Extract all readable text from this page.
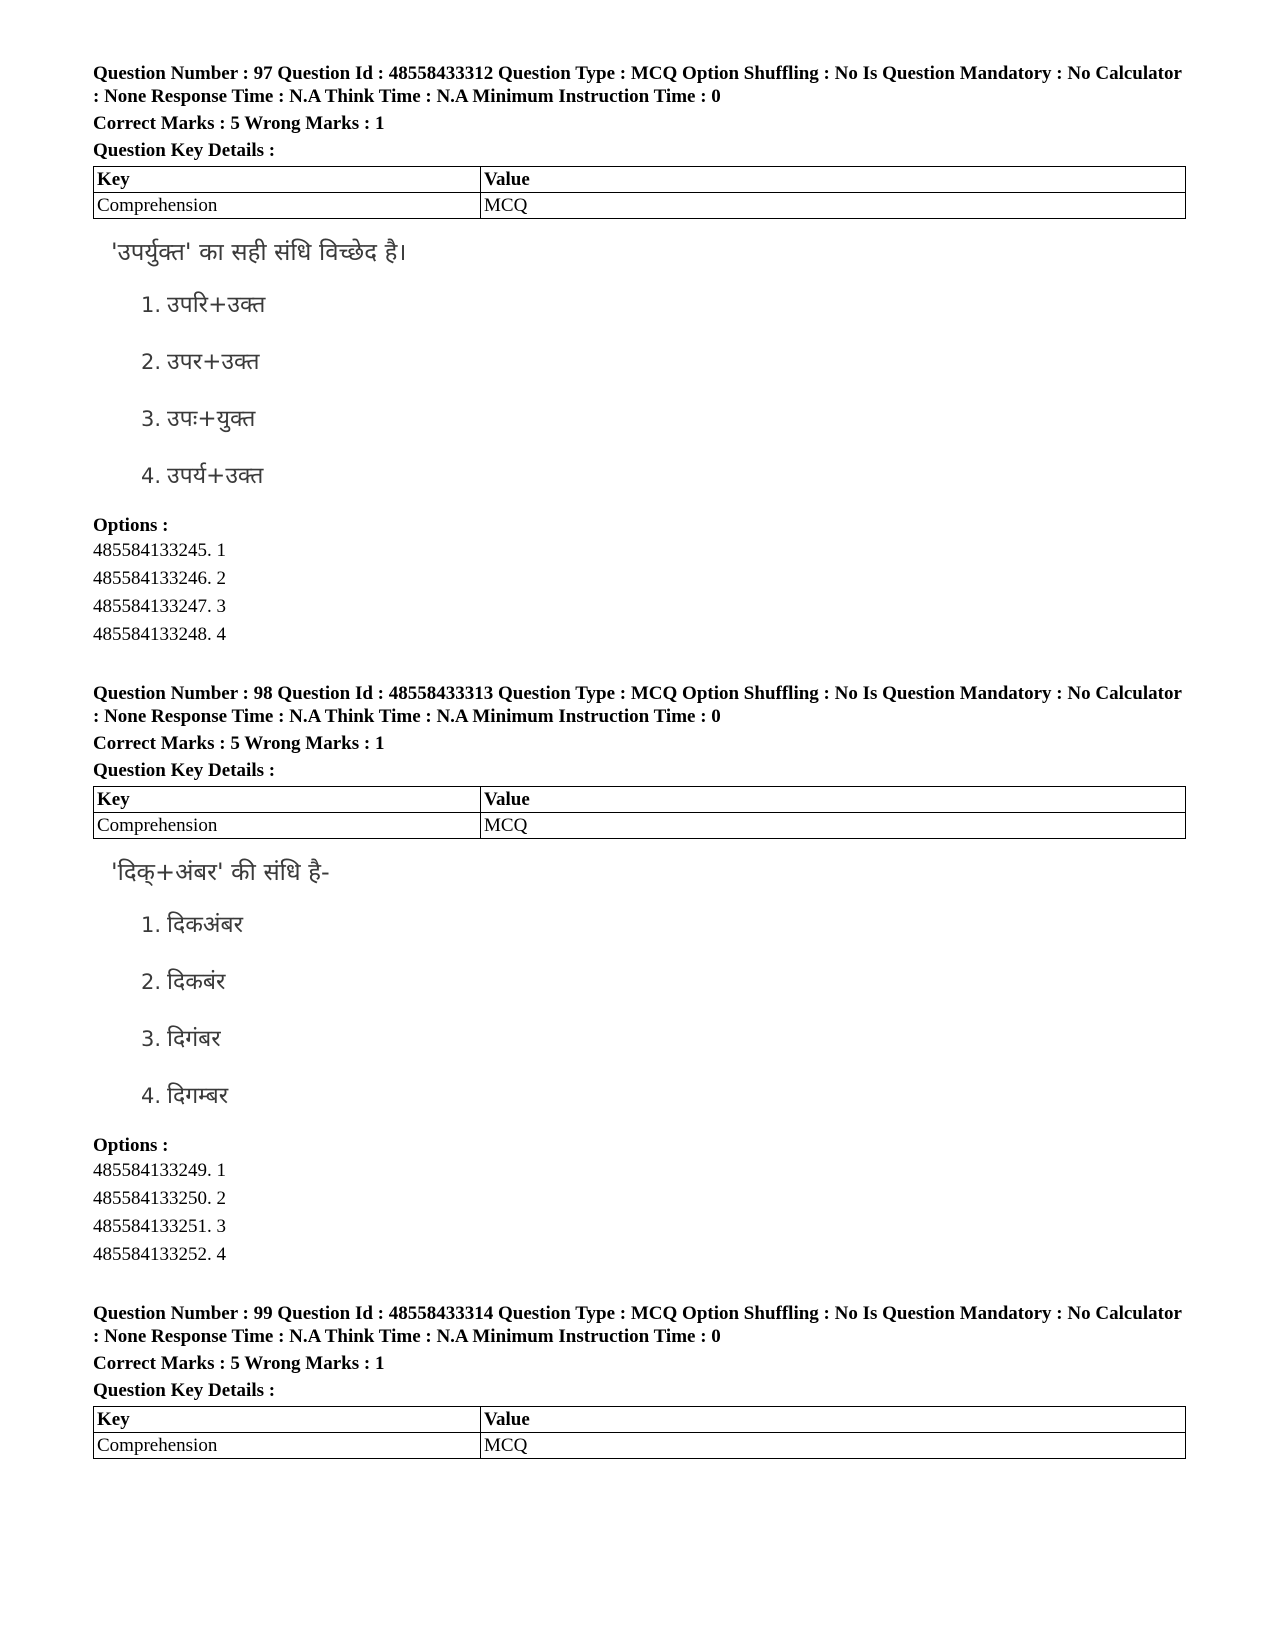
Question Number : 97 Question Id : 48558433312 Question Type : MCQ Option Shuffling : No Is Question Mandatory : No Calculator : None Response Time : N.A Think Time : N.A Minimum Instruction Time : 0
Correct Marks : 5 Wrong Marks : 1
Question Key Details :
Key	Value
Comprehension	MCQ
'उपर्युक्त' का सही संधि विच्छेद है।
1. उपरि+उक्त
2. उपर+उक्त
3. उपः+युक्त
4. उपर्य+उक्त
Options :
485584133245. 1
485584133246. 2
485584133247. 3
485584133248. 4
Question Number : 98 Question Id : 48558433313 Question Type : MCQ Option Shuffling : No Is Question Mandatory : No Calculator : None Response Time : N.A Think Time : N.A Minimum Instruction Time : 0
Correct Marks : 5 Wrong Marks : 1
Question Key Details :
Key	Value
Comprehension	MCQ
'दिक्+अंबर' की संधि है-
1. दिकअंबर
2. दिकबंर
3. दिगंबर
4. दिगम्बर
Options :
485584133249. 1
485584133250. 2
485584133251. 3
485584133252. 4
Question Number : 99 Question Id : 48558433314 Question Type : MCQ Option Shuffling : No Is Question Mandatory : No Calculator : None Response Time : N.A Think Time : N.A Minimum Instruction Time : 0
Correct Marks : 5 Wrong Marks : 1
Question Key Details :
Key	Value
Comprehension	MCQ
